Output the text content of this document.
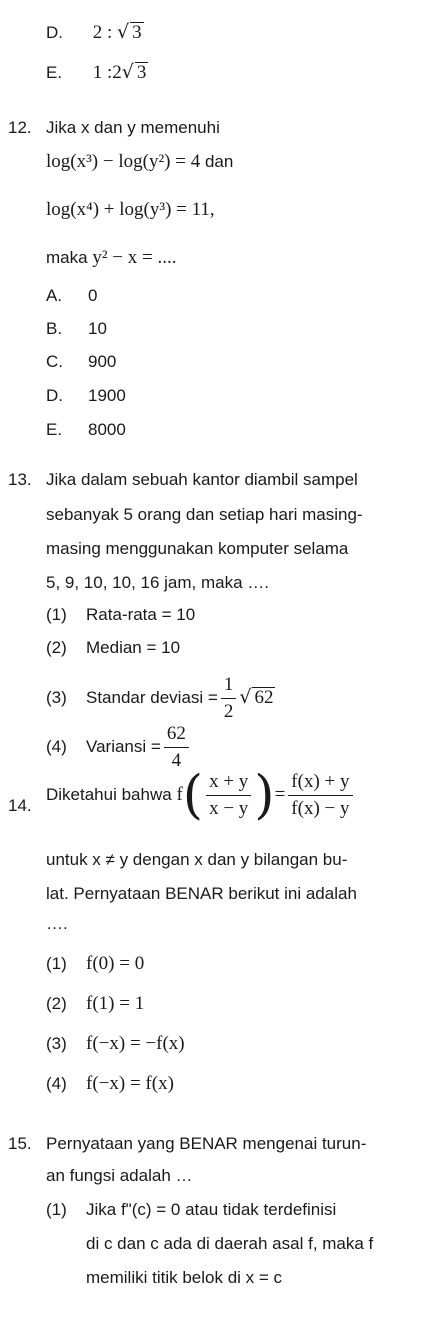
D. 2 : √ 3
E. 1 :2√ 3
12. Jika x dan y memenuhi
log(x³) − log(y²) = 4 dan
log(x⁴) + log(y³) = 11,
maka y² − x = ....
A. 0
B. 10
C. 900
D. 1900
E. 8000
13. Jika dalam sebuah kantor diambil sampel
sebanyak 5 orang dan setiap hari masing-
masing menggunakan komputer selama
5, 9, 10, 10, 16 jam, maka ….
(1) Rata-rata = 10
(2) Median = 10
(3) Standar deviasi = $\frac{1}{2}$ √ 62
(4) Variansi = $\frac{62}{4}$
14.
Diketahui bahwa $f( \frac{x + y}{x - y}$ )= $\frac{f(x) + y}{f(x) - y}$
untuk x ≠ y dengan x dan y bilangan bu-
lat. Pernyataan BENAR berikut ini adalah
….
(1) f(0) = 0
(2) f(1) = 1
(3) f(−x) = −f(x)
(4) f(−x) = f(x)
15. Pernyataan yang BENAR mengenai turun-
an fungsi adalah …
(1) Jika f"(c) = 0 atau tidak terdefinisi
di c dan c ada di daerah asal f, maka f
memiliki titik belok di x = c
